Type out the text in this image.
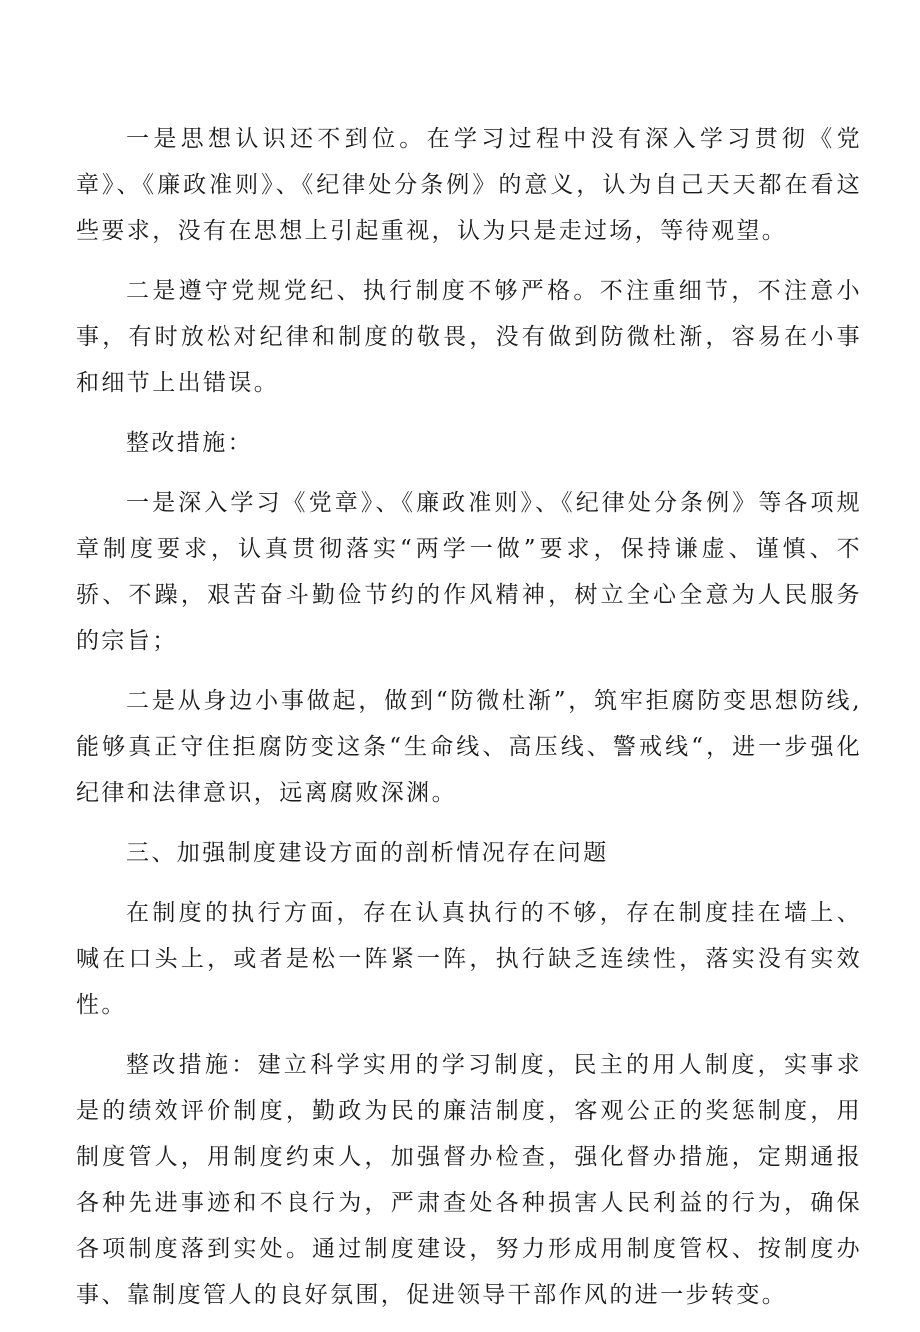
一是思想认识还不到位。在学习过程中没有深入学习贯彻《党章》、《廉政准则》、《纪律处分条例》的意义，认为自己天天都在看这些要求，没有在思想上引起重视，认为只是走过场，等待观望。

二是遵守党规党纪、执行制度不够严格。不注重细节，不注意小事，有时放松对纪律和制度的敬畏，没有做到防微杜渐，容易在小事和细节上出错误。

整改措施：

一是深入学习《党章》、《廉政准则》、《纪律处分条例》等各项规章制度要求，认真贯彻落实“两学一做”要求，保持谦虚、谨慎、不骄、不躁，艰苦奋斗勤俭节约的作风精神，树立全心全意为人民服务的宗旨；

二是从身边小事做起，做到“防微杜渐”，筑牢拒腐防变思想防线,能够真正守住拒腐防变这条“生命线、高压线、警戒线“，进一步强化纪律和法律意识，远离腐败深渊。

三、加强制度建设方面的剖析情况存在问题

在制度的执行方面，存在认真执行的不够，存在制度挂在墙上、喊在口头上，或者是松一阵紧一阵，执行缺乏连续性，落实没有实效性。

整改措施：建立科学实用的学习制度，民主的用人制度，实事求是的绩效评价制度，勤政为民的廉洁制度，客观公正的奖惩制度，用制度管人，用制度约束人，加强督办检查，强化督办措施，定期通报各种先进事迹和不良行为，严肃查处各种损害人民利益的行为，确保各项制度落到实处。通过制度建设，努力形成用制度管权、按制度办事、靠制度管人的良好氛围，促进领导干部作风的进一步转变。
